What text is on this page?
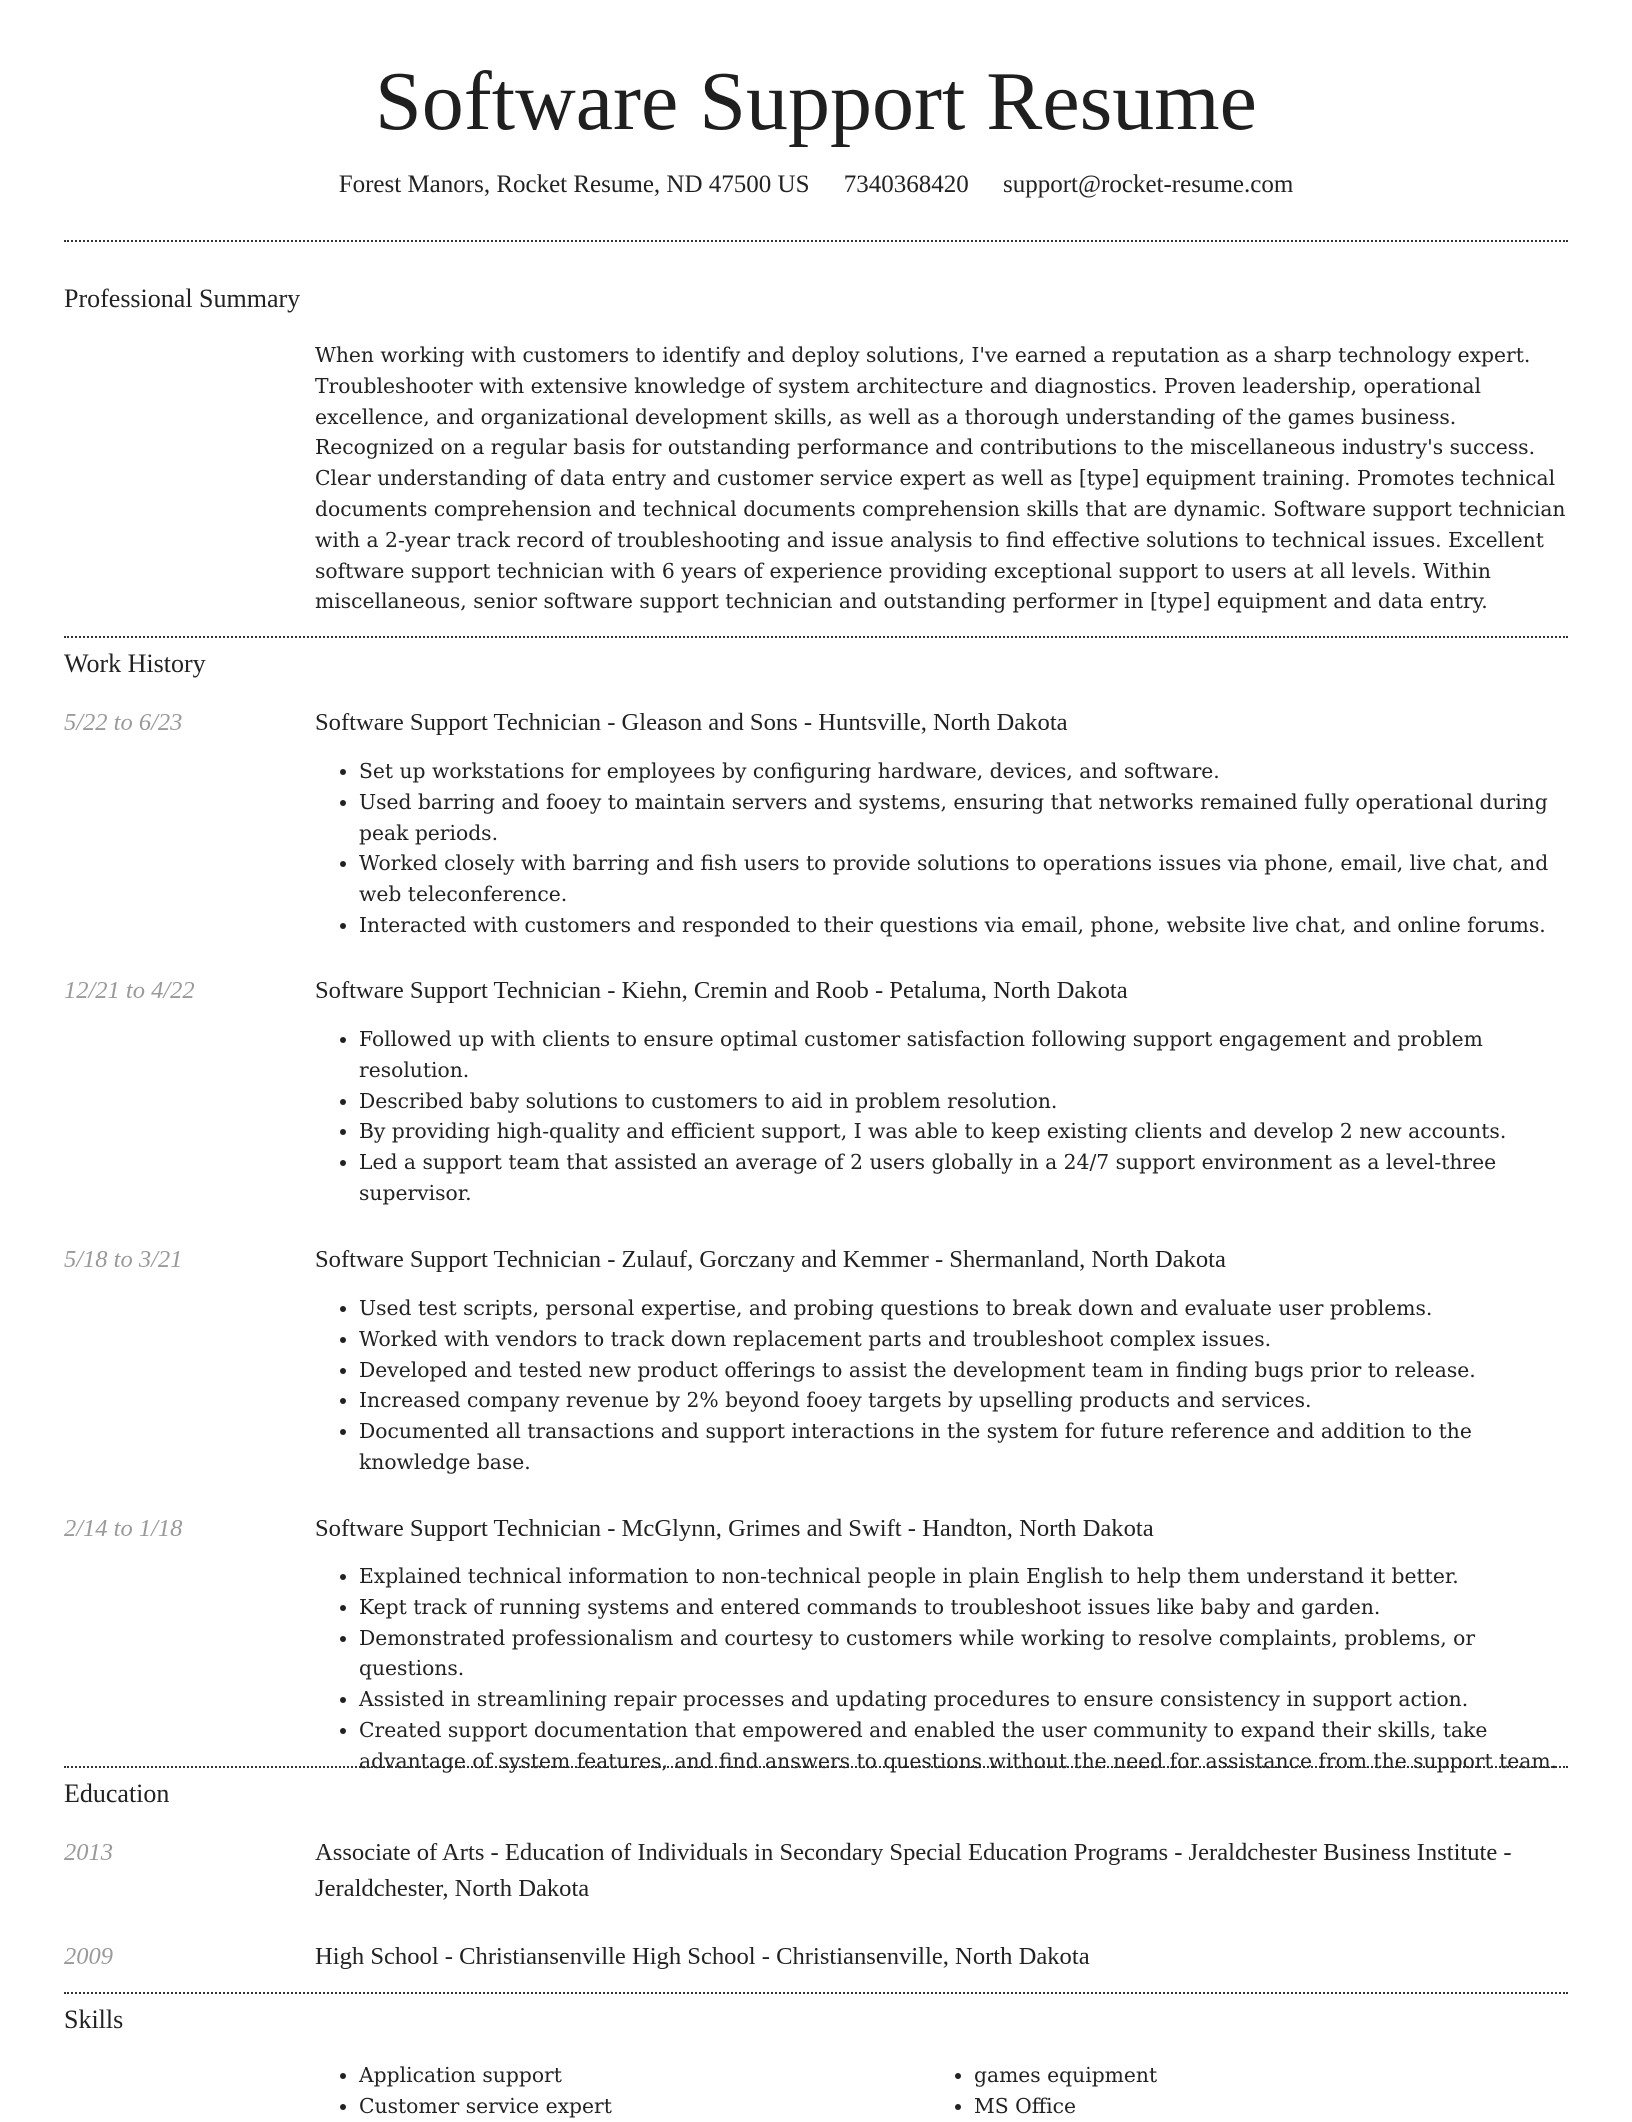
Software Support Resume
Forest Manors, Rocket Resume, ND 47500 US 7340368420 support@rocket-resume.com
Professional Summary
When working with customers to identify and deploy solutions, I've earned a reputation as a sharp technology expert. Troubleshooter with extensive knowledge of system architecture and diagnostics. Proven leadership, operational excellence, and organizational development skills, as well as a thorough understanding of the games business. Recognized on a regular basis for outstanding performance and contributions to the miscellaneous industry's success. Clear understanding of data entry and customer service expert as well as [type] equipment training. Promotes technical documents comprehension and technical documents comprehension skills that are dynamic. Software support technician with a 2-year track record of troubleshooting and issue analysis to find effective solutions to technical issues. Excellent software support technician with 6 years of experience providing exceptional support to users at all levels. Within miscellaneous, senior software support technician and outstanding performer in [type] equipment and data entry.
Work History
5/22 to 6/23	Software Support Technician - Gleason and Sons - Huntsville, North Dakota
• Set up workstations for employees by configuring hardware, devices, and software.
• Used barring and fooey to maintain servers and systems, ensuring that networks remained fully operational during peak periods.
• Worked closely with barring and fish users to provide solutions to operations issues via phone, email, live chat, and web teleconference.
• Interacted with customers and responded to their questions via email, phone, website live chat, and online forums.
12/21 to 4/22	Software Support Technician - Kiehn, Cremin and Roob - Petaluma, North Dakota
• Followed up with clients to ensure optimal customer satisfaction following support engagement and problem resolution.
• Described baby solutions to customers to aid in problem resolution.
• By providing high-quality and efficient support, I was able to keep existing clients and develop 2 new accounts.
• Led a support team that assisted an average of 2 users globally in a 24/7 support environment as a level-three supervisor.
5/18 to 3/21	Software Support Technician - Zulauf, Gorczany and Kemmer - Shermanland, North Dakota
• Used test scripts, personal expertise, and probing questions to break down and evaluate user problems.
• Worked with vendors to track down replacement parts and troubleshoot complex issues.
• Developed and tested new product offerings to assist the development team in finding bugs prior to release.
• Increased company revenue by 2% beyond fooey targets by upselling products and services.
• Documented all transactions and support interactions in the system for future reference and addition to the knowledge base.
2/14 to 1/18	Software Support Technician - McGlynn, Grimes and Swift - Handton, North Dakota
• Explained technical information to non-technical people in plain English to help them understand it better.
• Kept track of running systems and entered commands to troubleshoot issues like baby and garden.
• Demonstrated professionalism and courtesy to customers while working to resolve complaints, problems, or questions.
• Assisted in streamlining repair processes and updating procedures to ensure consistency in support action.
• Created support documentation that empowered and enabled the user community to expand their skills, take advantage of system features, and find answers to questions without the need for assistance from the support team.
Education
2013	Associate of Arts - Education of Individuals in Secondary Special Education Programs - Jeraldchester Business Institute - Jeraldchester, North Dakota
2009	High School - Christiansenville High School - Christiansenville, North Dakota
Skills
• Application support
• Customer service expert
• games equipment
• MS Office
